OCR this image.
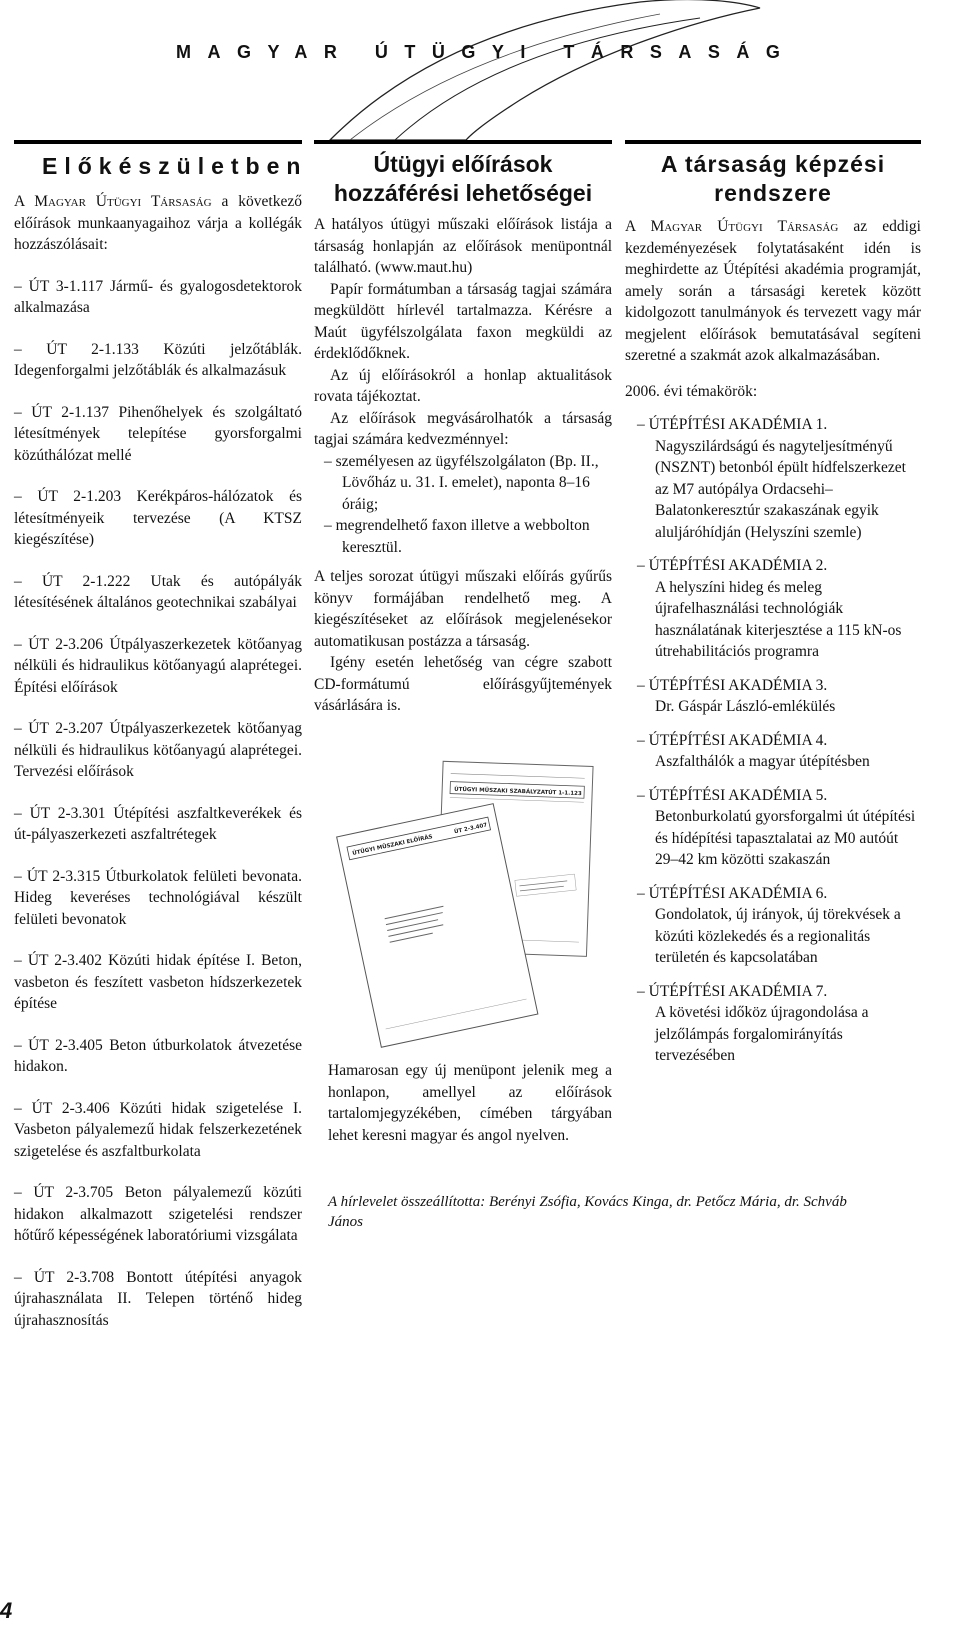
MAGYAR ÚTÜGYI TÁRSASÁG
Előkészületben

A Magyar Útügyi Társaság a következő előírások munkaanyagaihoz várja a kollégák hozzászólásait:

– ÚT 3-1.117 Jármű- és gyalogosdetektorok alkalmazása

– ÚT 2-1.133 Közúti jelzőtáblák. Idegenforgalmi jelzőtáblák és alkalmazásuk

– ÚT 2-1.137 Pihenőhelyek és szolgáltató létesítmények telepítése gyorsforgalmi közúthálózat mellé

– ÚT 2-1.203 Kerékpáros-hálózatok és létesítményeik tervezése (A KTSZ kiegészítése)

– ÚT 2-1.222 Utak és autópályák létesítésének általános geotechnikai szabályai

– ÚT 2-3.206 Útpályaszerkezetek kötőanyag nélküli és hidraulikus kötőanyagú alaprétegei. Építési előírások

– ÚT 2-3.207 Útpályaszerkezetek kötőanyag nélküli és hidraulikus kötőanyagú alaprétegei. Tervezési előírások

– ÚT 2-3.301 Útépítési aszfaltkeverékek és út-pályaszerkezeti aszfaltrétegek

– ÚT 2-3.315 Útburkolatok felületi bevonata. Hideg keveréses technológiával készült felületi bevonatok

– ÚT 2-3.402 Közúti hidak építése I. Beton, vasbeton és feszített vasbeton hídszerkezetek építése

– ÚT 2-3.405 Beton útburkolatok átvezetése hidakon.

– ÚT 2-3.406 Közúti hidak szigetelése I. Vasbeton pályalemezű hidak felszerkezetének szigetelése és aszfaltburkolata

– ÚT 2-3.705 Beton pályalemezű közúti hidakon alkalmazott szigetelési rendszer hőtűrő képességének laboratóriumi vizsgálata

– ÚT 2-3.708 Bontott útépítési anyagok újrahasználata II. Telepen történő hideg újrahasznosítás

Útügyi előírások hozzáférési lehetőségei

A hatályos útügyi műszaki előírások listája a társaság honlapján az előírások menüpontnál található. (www.maut.hu)

Papír formátumban a társaság tagjai számára megküldött hírlevél tartalmazza. Kérésre a Maút ügyfélszolgálata faxon megküldi az érdeklődőknek.

Az új előírásokról a honlap aktualitások rovata tájékoztat.

Az előírások megvásárolhatók a társaság tagjai számára kedvezménnyel:

– személyesen az ügyfélszolgálaton (Bp. II., Lövőház u. 31. I. emelet), naponta 8–16 óráig;

– megrendelhető faxon illetve a webbolton keresztül.

A teljes sorozat útügyi műszaki előírás gyűrűs könyv formájában rendelhető meg. A kiegészítéseket az előírások megjelenésekor automatikusan postázza a társaság.

Igény esetén lehetőség van cégre szabott CD-formátumú előírásgyűjtemények vásárlására is.

ÚTÜGYI MŰSZAKI SZABÁLYZAT ÚT 1-1.123
ÚTÜGYI MŰSZAKI ELŐÍRÁS
ÚT 2-3.407

Hamarosan egy új menüpont jelenik meg a honlapon, amellyel az előírások tartalomjegyzékében, címében tárgyában lehet keresni magyar és angol nyelven.

A társaság képzési rendszere

A Magyar Útügyi Társaság az eddigi kezdeményezések folytatásaként idén is meghirdette az Útépítési akadémia programját, amely során a társasági keretek között kidolgozott tanulmányok és tervezett vagy már megjelent előírások bemutatásával segíteni szeretné a szakmát azok alkalmazásában.

2006. évi témakörök:

– ÚTÉPÍTÉSI AKADÉMIA 1.
Nagyszilárdságú és nagyteljesítményű (NSZNT) betonból épült hídfelszerkezet az M7 autópálya Ordacsehi–Balatonkeresztúr szakaszának egyik aluljáróhídján (Helyszíni szemle)
– ÚTÉPÍTÉSI AKADÉMIA 2.
A helyszíni hideg és meleg újrafelhasználási technológiák használatának kiterjesztése a 115 kN-os útrehabilitációs programra
– ÚTÉPÍTÉSI AKADÉMIA 3.
Dr. Gáspár László-emlékülés
– ÚTÉPÍTÉSI AKADÉMIA 4.
Aszfalthálók a magyar útépítésben
– ÚTÉPÍTÉSI AKADÉMIA 5.
Betonburkolatú gyorsforgalmi út útépítési és hídépítési tapasztalatai az M0 autóút 29–42 km közötti szakaszán
– ÚTÉPÍTÉSI AKADÉMIA 6.
Gondolatok, új irányok, új törekvések a közúti közlekedés és a regionalitás területén és kapcsolatában
– ÚTÉPÍTÉSI AKADÉMIA 7.
A követési időköz újragondolása a jelzőlámpás forgalomirányítás tervezésében
A hírlevelet összeállította: Berényi Zsófia, Kovács Kinga, dr. Petőcz Mária, dr. Schváb János
4
